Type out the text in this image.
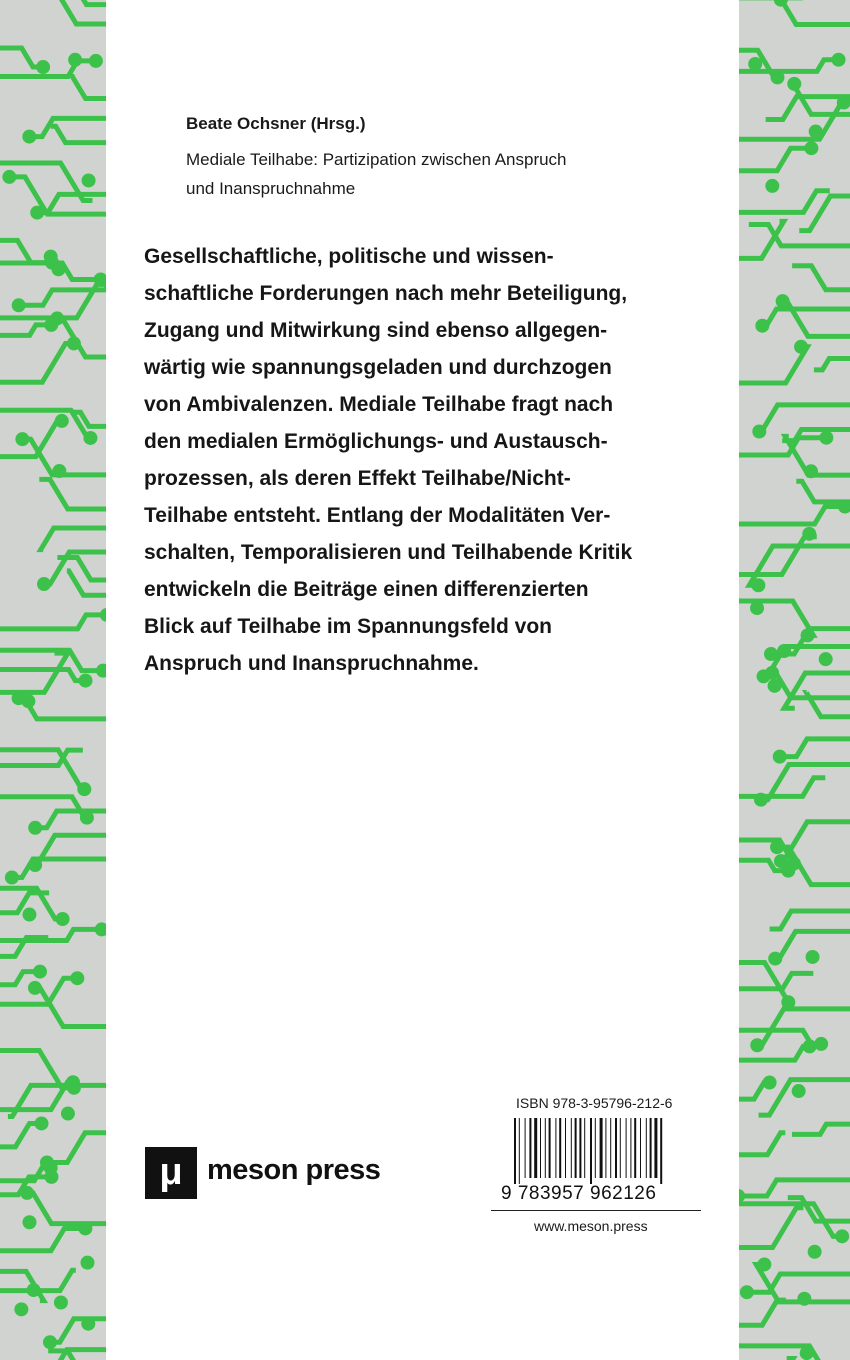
Beate Ochsner (Hrsg.)
Mediale Teilhabe: Partizipation zwischen Anspruch
und Inanspruchnahme
Gesellschaftliche, politische und wissen-
schaftliche Forderungen nach mehr Beteiligung,
Zugang und Mitwirkung sind ebenso allgegen-
wärtig wie spannungsgeladen und durchzogen
von Ambivalenzen. Mediale Teilhabe fragt nach
den medialen Ermöglichungs- und Austausch-
prozessen, als deren Effekt Teilhabe/Nicht-
Teilhabe entsteht. Entlang der Modalitäten Ver-
schalten, Temporalisieren und Teilhabende Kritik
entwickeln die Beiträge einen differenzierten
Blick auf Teilhabe im Spannungsfeld von
Anspruch und Inanspruchnahme.
μ meson press
ISBN 978-3-95796-212-6
9 783957 962126
www.meson.press
